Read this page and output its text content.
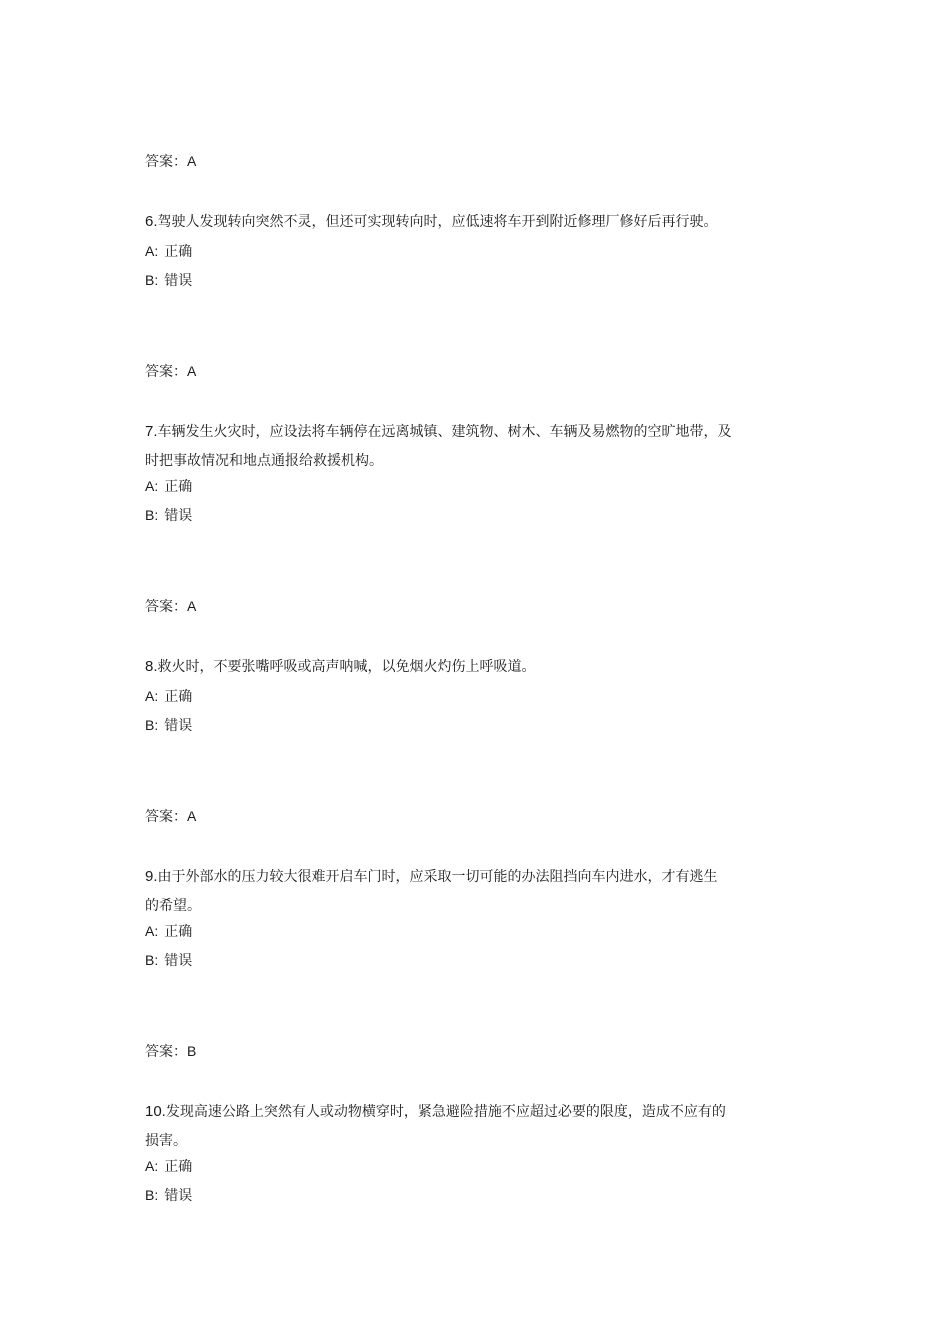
答案：A
6.驾驶人发现转向突然不灵，但还可实现转向时，应低速将车开到附近修理厂修好后再行驶。
A: 正确
B: 错误
答案：A
7.车辆发生火灾时，应设法将车辆停在远离城镇、建筑物、树木、车辆及易燃物的空旷地带，及时把事故情况和地点通报给救援机构。
A: 正确
B: 错误
答案：A
8.救火时，不要张嘴呼吸或高声呐喊，以免烟火灼伤上呼吸道。
A: 正确
B: 错误
答案：A
9.由于外部水的压力较大很难开启车门时，应采取一切可能的办法阻挡向车内进水，才有逃生的希望。
A: 正确
B: 错误
答案：B
10.发现高速公路上突然有人或动物横穿时，紧急避险措施不应超过必要的限度，造成不应有的损害。
A: 正确
B: 错误
